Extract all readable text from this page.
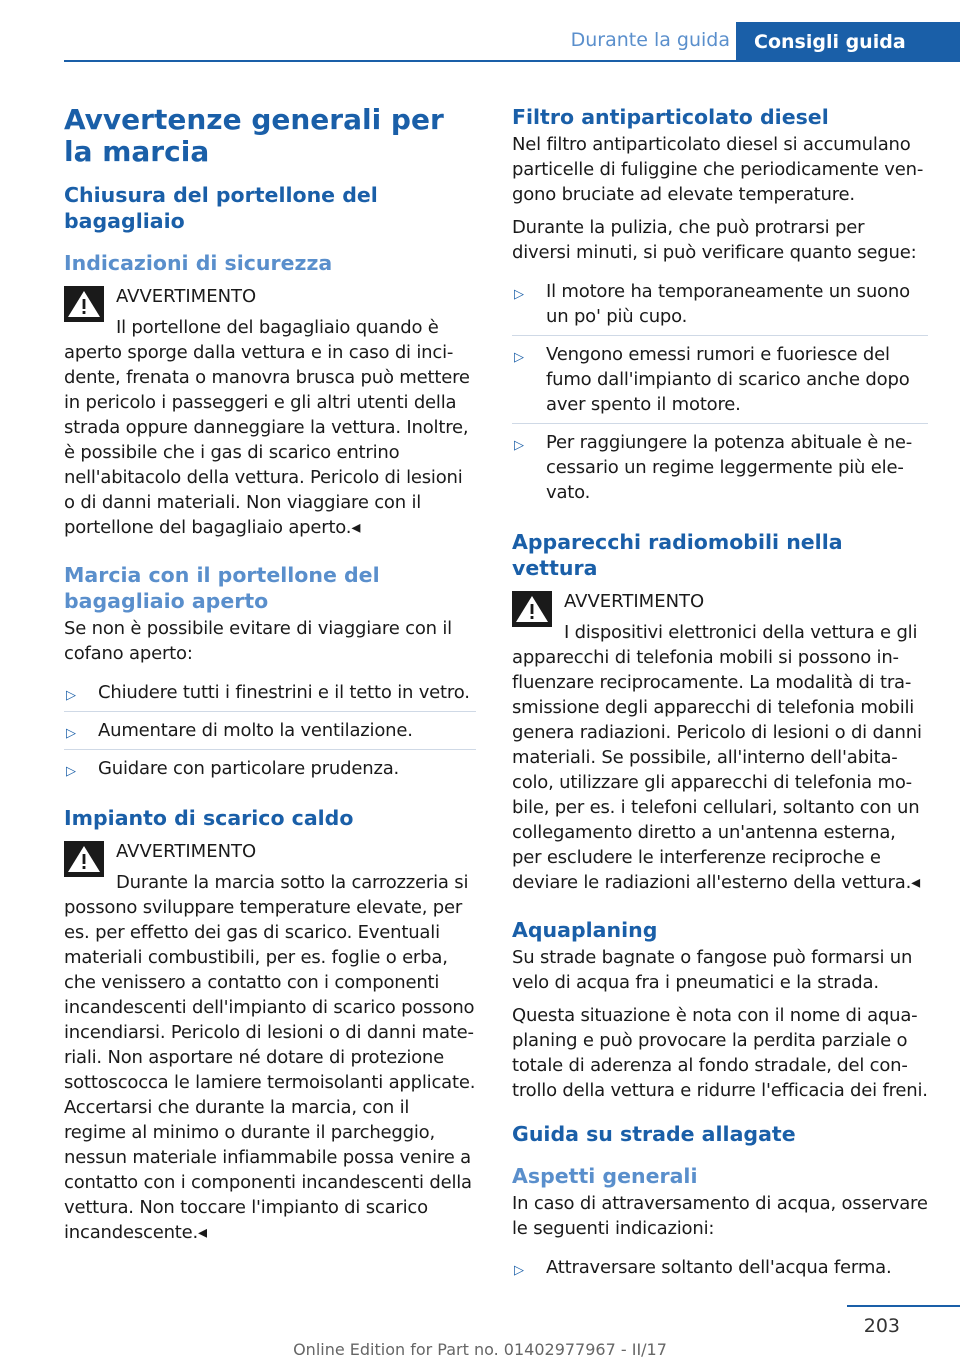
Durante la guida	Consigli guida
Avvertenze generali per la marcia
Chiusura del portellone del bagagliaio
Indicazioni di sicurezza
AVVERTIMENTO
Il portellone del bagagliaio quando è aperto sporge dalla vettura e in caso di incidente, frenata o manovra brusca può mettere in pericolo i passeggeri e gli altri utenti della strada oppure danneggiare la vettura. Inoltre, è possibile che i gas di scarico entrino nell'abitacolo della vettura. Pericolo di lesioni o di danni materiali. Non viaggiare con il portellone del bagagliaio aperto.◂
Marcia con il portellone del bagagliaio aperto
Se non è possibile evitare di viaggiare con il cofano aperto:
▷ Chiudere tutti i finestrini e il tetto in vetro.
▷ Aumentare di molto la ventilazione.
▷ Guidare con particolare prudenza.
Impianto di scarico caldo
AVVERTIMENTO
Durante la marcia sotto la carrozzeria si possono sviluppare temperature elevate, per es. per effetto dei gas di scarico. Eventuali materiali combustibili, per es. foglie o erba, che venissero a contatto con i componenti incandescenti dell'impianto di scarico possono incendiarsi. Pericolo di lesioni o di danni materiali. Non asportare né dotare di protezione sottoscocca le lamiere termoisolanti applicate. Accertarsi che durante la marcia, con il regime al minimo o durante il parcheggio, nessun materiale infiammabile possa venire a contatto con i componenti incandescenti della vettura. Non toccare l'impianto di scarico incandescente.◂
Filtro antiparticolato diesel
Nel filtro antiparticolato diesel si accumulano particelle di fuliggine che periodicamente vengono bruciate ad elevate temperature.
Durante la pulizia, che può protrarsi per diversi minuti, si può verificare quanto segue:
▷ Il motore ha temporaneamente un suono un po' più cupo.
▷ Vengono emessi rumori e fuoriesce del fumo dall'impianto di scarico anche dopo aver spento il motore.
▷ Per raggiungere la potenza abituale è necessario un regime leggermente più elevato.
Apparecchi radiomobili nella vettura
AVVERTIMENTO
I dispositivi elettronici della vettura e gli apparecchi di telefonia mobili si possono influenzare reciprocamente. La modalità di trasmissione degli apparecchi di telefonia mobili genera radiazioni. Pericolo di lesioni o di danni materiali. Se possibile, all'interno dell'abitacolo, utilizzare gli apparecchi di telefonia mobile, per es. i telefoni cellulari, soltanto con un collegamento diretto a un'antenna esterna, per escludere le interferenze reciproche e deviare le radiazioni all'esterno della vettura.◂
Aquaplaning
Su strade bagnate o fangose può formarsi un velo di acqua fra i pneumatici e la strada.
Questa situazione è nota con il nome di aquaplaning e può provocare la perdita parziale o totale di aderenza al fondo stradale, del controllo della vettura e ridurre l'efficacia dei freni.
Guida su strade allagate
Aspetti generali
In caso di attraversamento di acqua, osservare le seguenti indicazioni:
▷ Attraversare soltanto dell'acqua ferma.
203
Online Edition for Part no. 01402977967 - II/17
